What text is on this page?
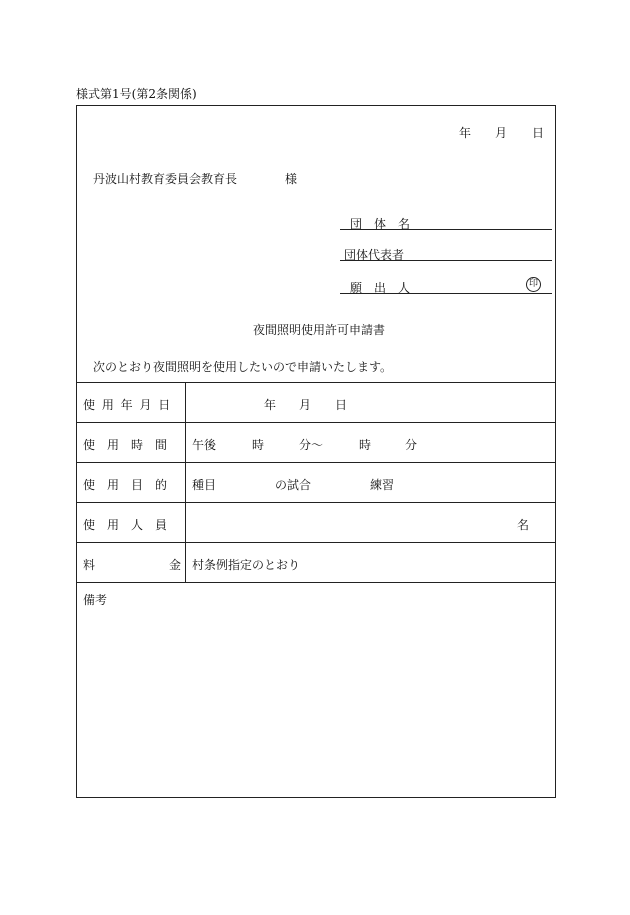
様式第1号(第2条関係)
年 月 日
丹波山村教育委員会教育長	様
団　体　名
団体代表者
願　出　人	印
夜間照明使用許可申請書
次のとおり夜間照明を使用したいので申請いたします。
使 用 年 月 日	年 月 日
使　用　時　間 午後	時	分～	時	分
使　用　目　的 種目	の試合	練習
使　用　人　員	名
料	金 村条例指定のとおり
備考
